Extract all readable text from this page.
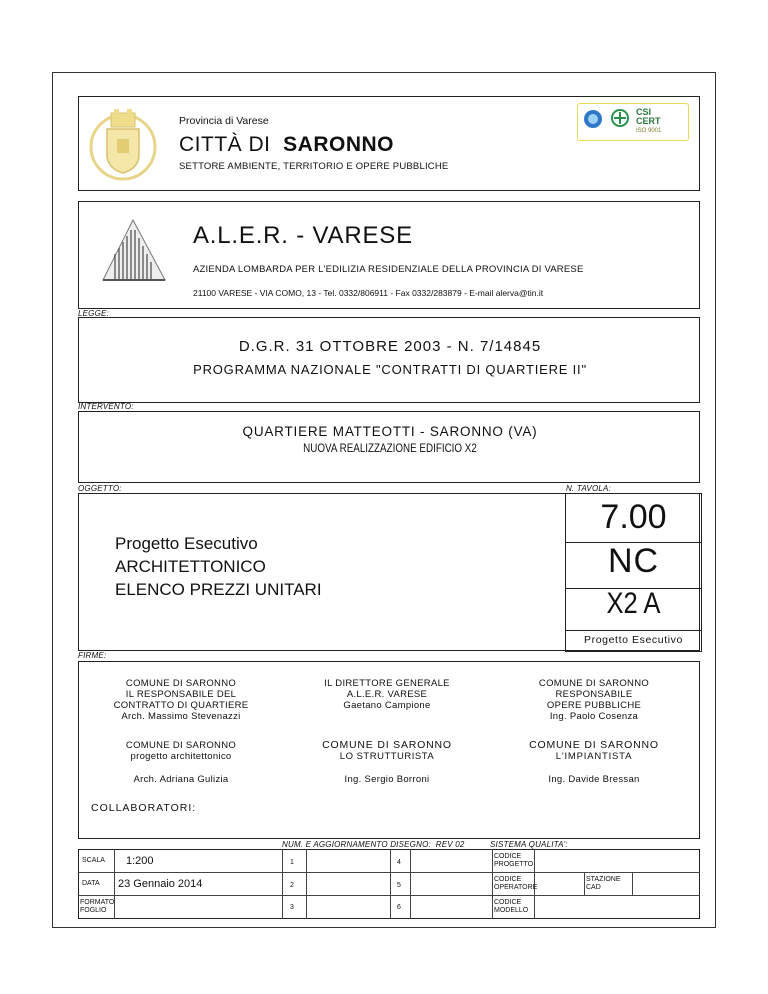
Provincia di Varese
CITTÀ DI SARONNO
SETTORE AMBIENTE, TERRITORIO E OPERE PUBBLICHE
CSI CERT
ISO 9001
A.L.E.R. - VARESE
AZIENDA LOMBARDA PER L'EDILIZIA RESIDENZIALE DELLA PROVINCIA DI VARESE
21100 VARESE - VIA COMO, 13 - Tel. 0332/806911 - Fax 0332/283879 - E-mail alerva@tin.it
LEGGE:
D.G.R. 31 OTTOBRE 2003 - N. 7/14845
PROGRAMMA NAZIONALE "CONTRATTI DI QUARTIERE II"
INTERVENTO:
QUARTIERE MATTEOTTI - SARONNO (VA)
NUOVA REALIZZAZIONE EDIFICIO X2
OGGETTO:	N. TAVOLA:
Progetto Esecutivo
ARCHITETTONICO
ELENCO PREZZI UNITARI
7.00
NC
X2 A
Progetto Esecutivo
FIRME:
COMUNE DI SARONNO
IL RESPONSABILE DEL
CONTRATTO DI QUARTIERE
Arch. Massimo Stevenazzi
IL DIRETTORE GENERALE
A.L.E.R. VARESE
Gaetano Campione
COMUNE DI SARONNO
RESPONSABILE
OPERE PUBBLICHE
Ing. Paolo Cosenza
COMUNE DI SARONNO
progetto architettonico
Arch. Adriana Gulizia
COMUNE DI SARONNO
LO STRUTTURISTA
Ing. Sergio Borroni
COMUNE DI SARONNO
L'IMPIANTISTA
Ing. Davide Bressan
COLLABORATORI:
NUM. E AGGIORNAMENTO DISEGNO: REV 02	SISTEMA QUALITA':
SCALA 1:200
DATA 23 Gennaio 2014
FORMATO FOGLIO
1
2
3
4
5
6
CODICE PROGETTO
CODICE OPERATORE
CODICE MODELLO
STAZIONE CAD
